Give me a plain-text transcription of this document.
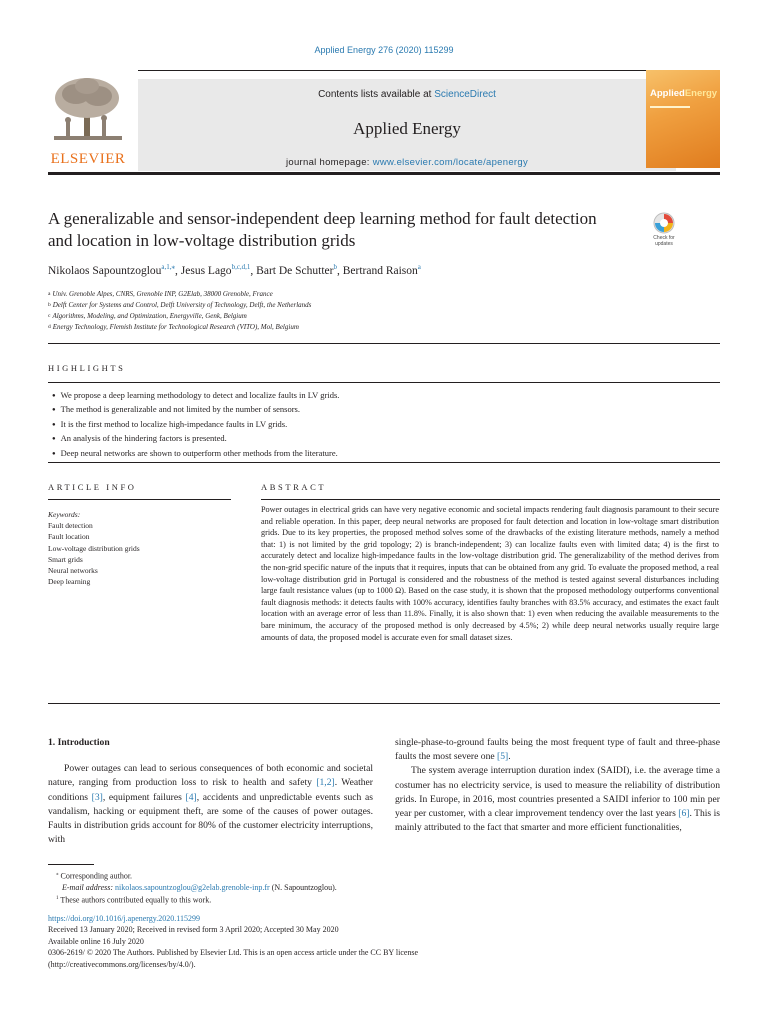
Applied Energy 276 (2020) 115299
ELSEVIER
Contents lists available at ScienceDirect
Applied Energy
journal homepage: www.elsevier.com/locate/apenergy
AppliedEnergy
A generalizable and sensor-independent deep learning method for fault detection and location in low-voltage distribution grids	Check for
updates
Nikolaos Sapountzoglou$^{a,1,⁎}$, Jesus Lago$^{b,c,d,1}$, Bart De Schutter$^b$, Bertrand Raison$^a$
$^a$ Univ. Grenoble Alpes, CNRS, Grenoble INP, G2Elab, 38000 Grenoble, France
$^b$ Delft Center for Systems and Control, Delft University of Technology, Delft, the Netherlands
$^c$ Algorithms, Modeling, and Optimization, Energyville, Genk, Belgium
$^d$ Energy Technology, Flemish Institute for Technological Research (VITO), Mol, Belgium
HIGHLIGHTS
● We propose a deep learning methodology to detect and localize faults in LV grids.
● The method is generalizable and not limited by the number of sensors.
● It is the first method to localize high-impedance faults in LV grids.
● An analysis of the hindering factors is presented.
● Deep neural networks are shown to outperform other methods from the literature.
ARTICLE INFO	ABSTRACT
Keywords:
Fault detection
Fault location
Low-voltage distribution grids
Smart grids
Neural networks
Deep learning
Power outages in electrical grids can have very negative economic and societal impacts rendering fault diagnosis paramount to their secure and reliable operation. In this paper, deep neural networks are proposed for fault detection and location in low-voltage smart distribution grids. Due to its key properties, the proposed method solves some of the drawbacks of the existing literature methods, namely a method that: 1) is not limited by the grid topology; 2) is branch-independent; 3) can localize faults even with limited data; 4) is the first to accurately detect and localize high-impedance faults in the low-voltage distribution grid. The generalizability of the method derives from the non-grid specific nature of the inputs that it requires, inputs that can be obtained from any grid. To evaluate the proposed method, a real low-voltage distribution grid in Portugal is considered and the robustness of the method is tested against several disturbances including large fault resistance values (up to 1000 Ω). Based on the case study, it is shown that the proposed methodology outperforms conventional fault diagnosis methods: it detects faults with 100% accuracy, identifies faulty branches with 83.5% accuracy, and estimates the exact fault location with an average error of less than 11.8%. Finally, it is also shown that: 1) even when reducing the available measurements to the bare minimum, the accuracy of the proposed method is only decreased by 4.5%; 2) while deep neural networks usually require large amounts of data, the proposed model is accurate even for small dataset sizes.
1. Introduction

Power outages can lead to serious consequences of both economic and societal nature, ranging from production loss to risk to health and safety [1,2]. Weather conditions [3], equipment failures [4], accidents and unpredictable events such as vandalism, hacking or equipment theft, are some of the causes of power outages. Faults in distribution grids account for 80% of the customer electricity interruptions, with

single-phase-to-ground faults being the most frequent type of fault and three-phase faults the most severe one [5].

The system average interruption duration index (SAIDI), i.e. the average time a costumer has no electricity service, is used to measure the reliability of distribution grids. In Europe, in 2016, most countries presented a SAIDI inferior to 100 min per year per customer, with a clear improvement tendency over the last years [6]. This is mainly attributed to the fact that smarter and more efficient functionalities,

⁎ Corresponding author.
E-mail address: nikolaos.sapountzoglou@g2elab.grenoble-inp.fr (N. Sapountzoglou).
$^1$ These authors contributed equally to this work.
https://doi.org/10.1016/j.apenergy.2020.115299
Received 13 January 2020; Received in revised form 3 April 2020; Accepted 30 May 2020
Available online 16 July 2020
0306-2619/ © 2020 The Authors. Published by Elsevier Ltd. This is an open access article under the CC BY license
(http://creativecommons.org/licenses/by/4.0/).
